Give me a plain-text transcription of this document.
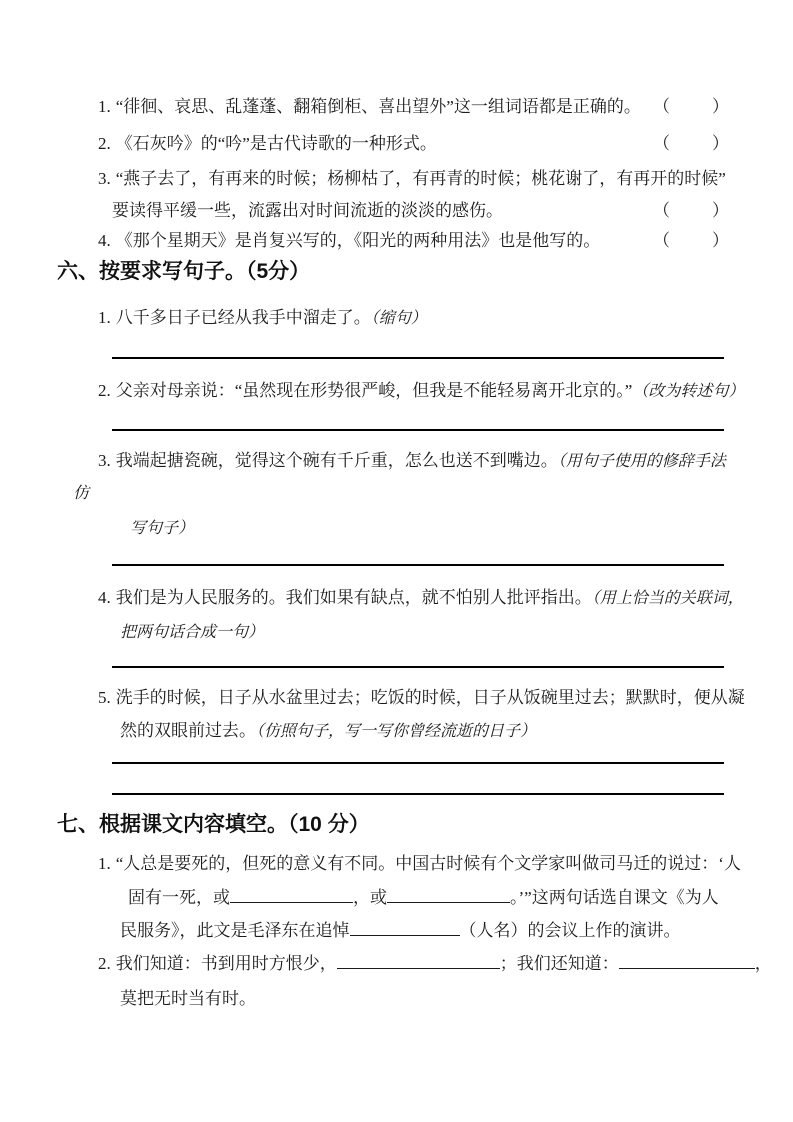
1. “徘徊、哀思、乱蓬蓬、翻箱倒柜、喜出望外”这一组词语都是正确的。 （ ）
2. 《石灰吟》的“吟”是古代诗歌的一种形式。	（ ）
3. “燕子去了，有再来的时候；杨柳枯了，有再青的时候；桃花谢了，有再开的时候”
要读得平缓一些，流露出对时间流逝的淡淡的感伤。	（ ）
4. 《那个星期天》是肖复兴写的，《阳光的两种用法》也是他写的。	（ ）
六、按要求写句子。（5分）
1. 八千多日子已经从我手中溜走了。（缩句）
2. 父亲对母亲说：“虽然现在形势很严峻，但我是不能轻易离开北京的。”（改为转述句）
3. 我端起搪瓷碗，觉得这个碗有千斤重，怎么也送不到嘴边。（用句子使用的修辞手法
仿
写句子）
4. 我们是为人民服务的。我们如果有缺点，就不怕别人批评指出。（用上恰当的关联词，
把两句话合成一句）
5. 洗手的时候，日子从水盆里过去；吃饭的时候，日子从饭碗里过去；默默时，便从凝
然的双眼前过去。（仿照句子，写一写你曾经流逝的日子）
七、根据课文内容填空。（10 分）
1. “人总是要死的，但死的意义有不同。中国古时候有个文学家叫做司马迁的说过：‘人
固有一死，或	，或	。’”这两句话选自课文《为人
民服务》，此文是毛泽东在追悼	（人名）的会议上作的演讲。
2. 我们知道：书到用时方恨少，	；我们还知道：	，
莫把无时当有时。
